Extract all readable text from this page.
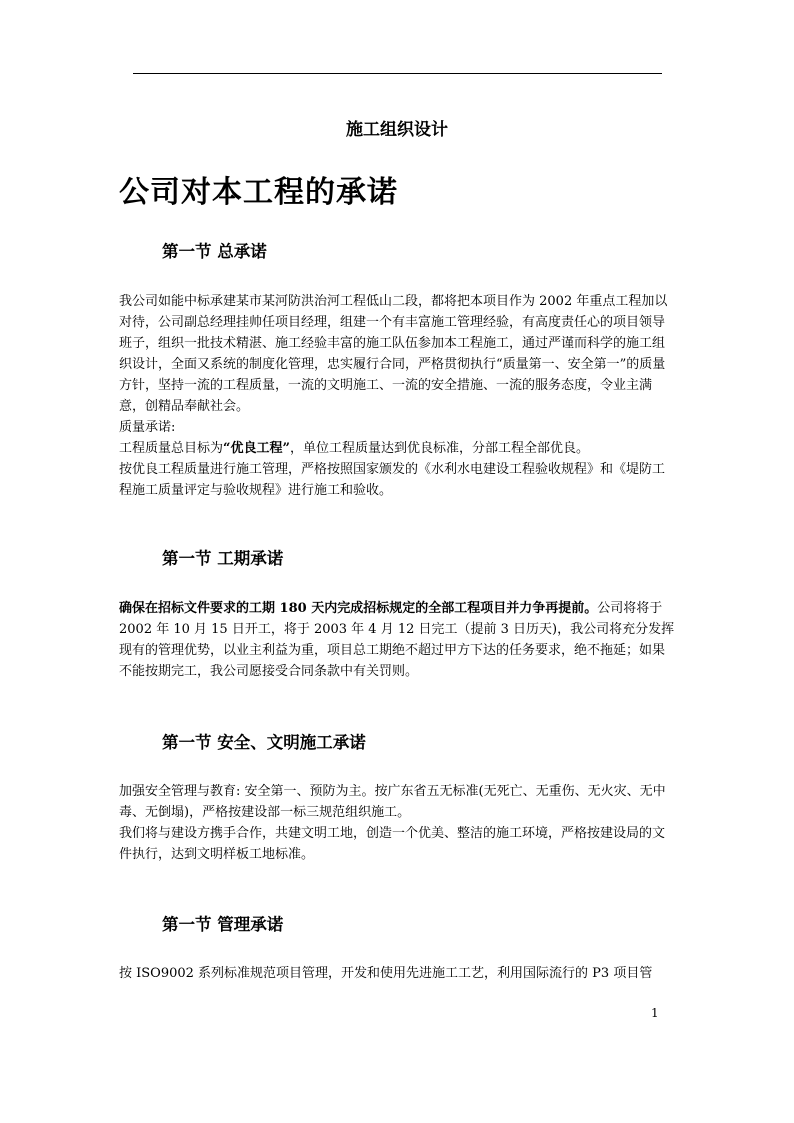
施工组织设计
公司对本工程的承诺
第一节 总承诺

我公司如能中标承建某市某河防洪治河工程低山二段，都将把本项目作为 2002 年重点工程加以对待，公司副总经理挂帅任项目经理，组建一个有丰富施工管理经验，有高度责任心的项目领导班子，组织一批技术精湛、施工经验丰富的施工队伍参加本工程施工，通过严谨而科学的施工组织设计，全面又系统的制度化管理，忠实履行合同，严格贯彻执行“质量第一、安全第一”的质量方针，坚持一流的工程质量，一流的文明施工、一流的安全措施、一流的服务态度，令业主满意，创精品奉献社会。

质量承诺:

工程质量总目标为“优良工程”，单位工程质量达到优良标准，分部工程全部优良。

按优良工程质量进行施工管理，严格按照国家颁发的《水利水电建设工程验收规程》和《堤防工程施工质量评定与验收规程》进行施工和验收。

第一节 工期承诺

确保在招标文件要求的工期 180 天内完成招标规定的全部工程项目并力争再提前。公司将将于 2002 年 10 月 15 日开工，将于 2003 年 4 月 12 日完工（提前 3 日历天)，我公司将充分发挥现有的管理优势，以业主利益为重，项目总工期绝不超过甲方下达的任务要求，绝不拖延；如果不能按期完工，我公司愿接受合同条款中有关罚则。

第一节 安全、文明施工承诺

加强安全管理与教育: 安全第一、预防为主。按广东省五无标准(无死亡、无重伤、无火灾、无中毒、无倒塌)，严格按建设部一标三规范组织施工。

我们将与建设方携手合作，共建文明工地，创造一个优美、整洁的施工环境，严格按建设局的文件执行，达到文明样板工地标准。

第一节 管理承诺

按 ISO9002 系列标准规范项目管理，开发和使用先进施工工艺，利用国际流行的 P3 项目管

1
